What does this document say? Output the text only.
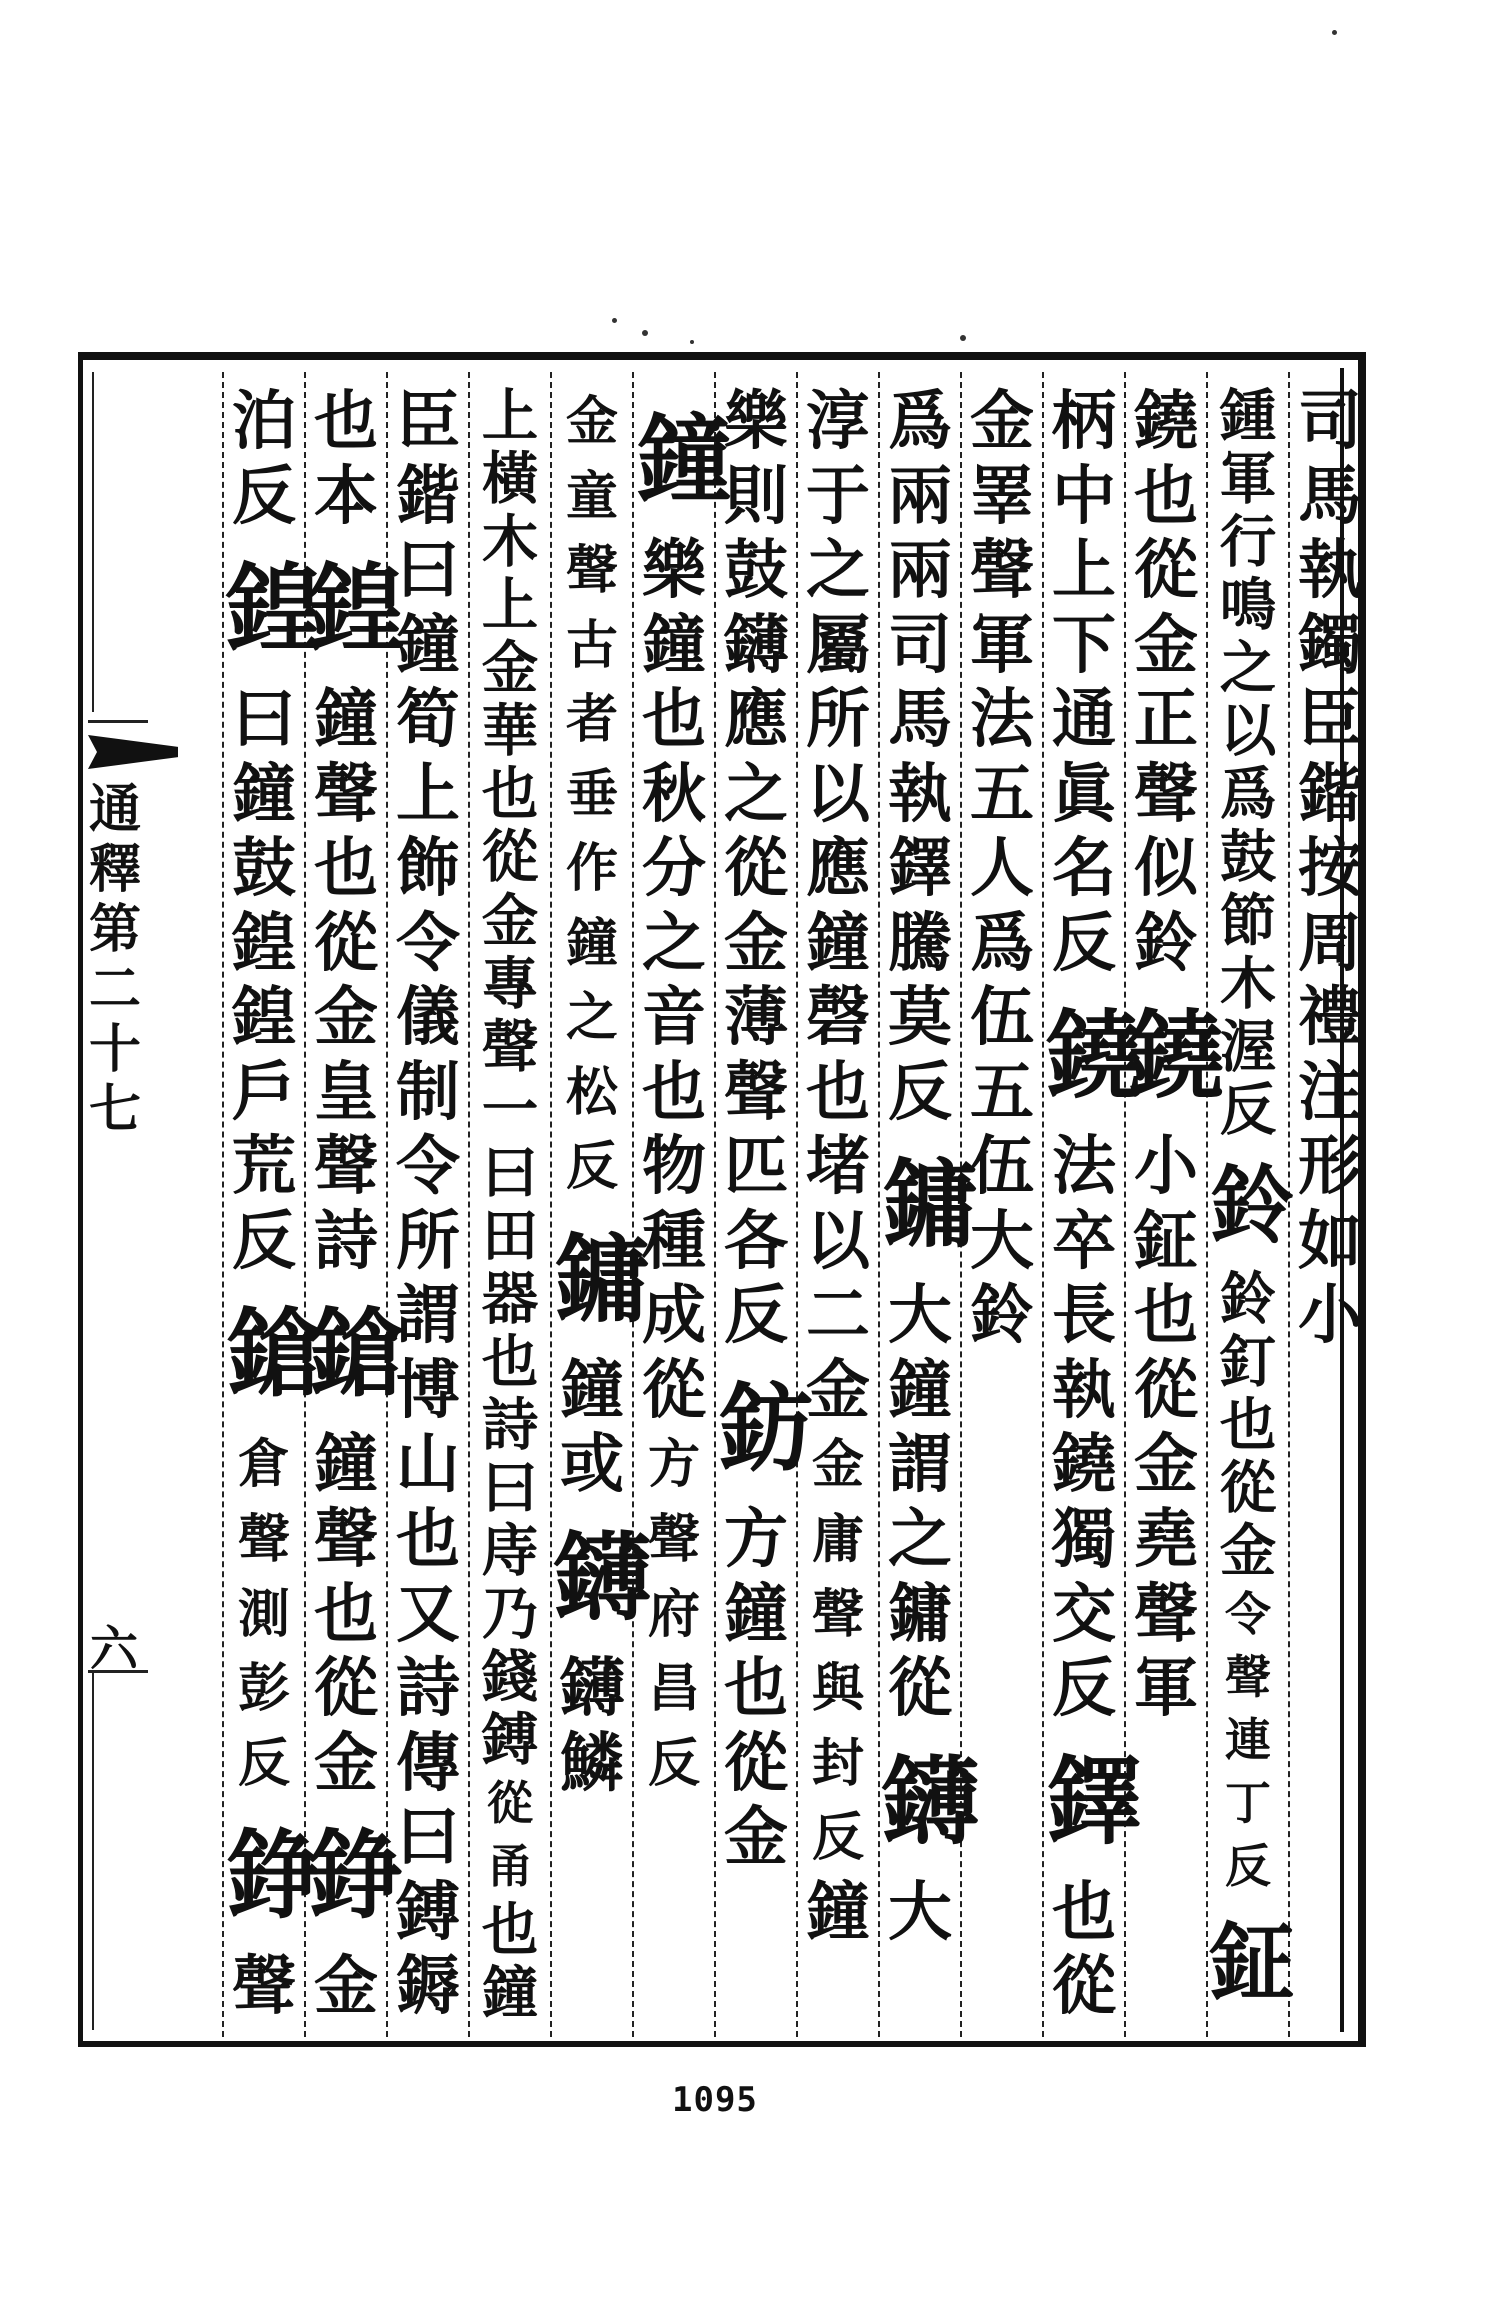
通
釋
第
二
十
七
六
司
馬
執
鐲
臣
鍇
按
周
禮
注
形
如
小
鍾
軍
行
鳴
之
以
爲
鼓
節
木
渥
反
鈴
鈴
釘
也
從
金
令
聲
連
丁
反
鉦
鐃
也
從
金
正
聲
似
鈴
鐃
小
鉦
也
從
金
堯
聲
軍
柄
中
上
下
通
眞
名
反
鐃
法
卒
長
執
鐃
獨
交
反
鐸
也
從
金
睪
聲
軍
法
五
人
爲
伍
五
伍
大
鈴
爲
兩
兩
司
馬
執
鐸
騰
莫
反
鏞
大
鐘
謂
之
鏞
從
鑮
大
淳
于
之
屬
所
以
應
鐘
磬
也
堵
以
二
金
金
庸
聲
與
封
反
鐘
樂
則
鼓
鑮
應
之
從
金
薄
聲
匹
各
反
鈁
方
鐘
也
從
金
鐘
樂
鐘
也
秋
分
之
音
也
物
種
成
從
方
聲
府
昌
反
金
童
聲
古
者
垂
作
鐘
之
松
反
鏞
鐘
或
鑮
鑮
鱗
上
橫
木
上
金
華
也
從
金
專
聲
一
曰
田
器
也
詩
曰
庤
乃
錢
鎛
從
甬
也
鐘
臣
鍇
曰
鐘
筍
上
飾
令
儀
制
令
所
謂
博
山
也
又
詩
傳
曰
鎛
鎒
也
本
鍠
鐘
聲
也
從
金
皇
聲
詩
鎗
鐘
聲
也
從
金
錚
金
泊
反
鍠
曰
鐘
鼓
鍠
鍠
戶
荒
反
鎗
倉
聲
測
彭
反
錚
聲
1095
